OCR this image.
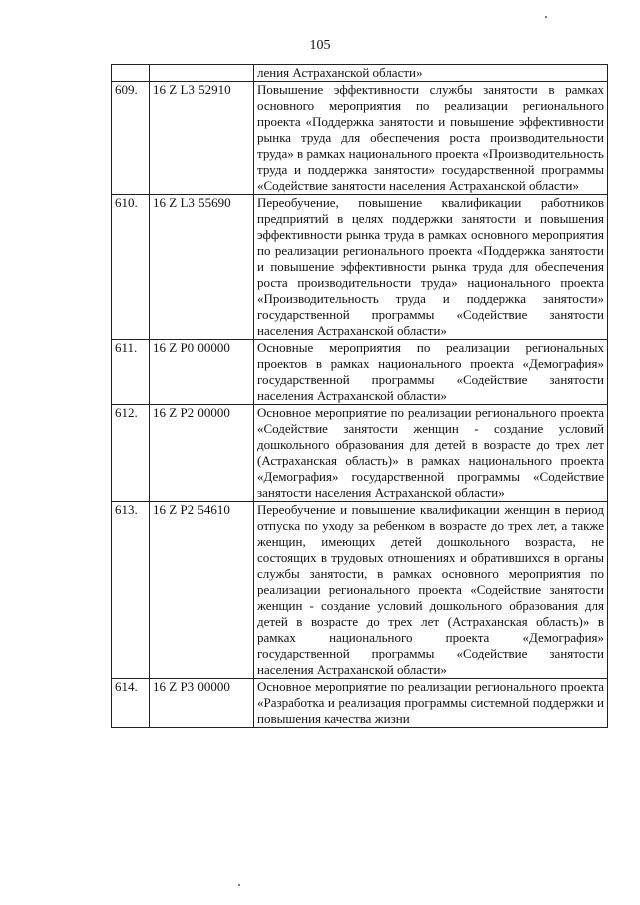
105
		ления Астраханской области»
609.	16 Z L3 52910	Повышение эффективности службы занятости в рамках основного мероприятия по реализации регионального проекта «Поддержка занятости и повышение эффективности рынка труда для обеспечения роста производительности труда» в рамках национального проекта «Производительность труда и поддержка занятости» государственной программы «Содействие занятости населения Астраханской области»
610.	16 Z L3 55690	Переобучение, повышение квалификации работников предприятий в целях поддержки занятости и повышения эффективности рынка труда в рамках основного мероприятия по реализации регионального проекта «Поддержка занятости и повышение эффективности рынка труда для обеспечения роста производительности труда» национального проекта «Производительность труда и поддержка занятости» государственной программы «Содействие занятости населения Астраханской области»
611.	16 Z P0 00000	Основные мероприятия по реализации региональных проектов в рамках национального проекта «Демография» государственной программы «Содействие занятости населения Астраханской области»
612.	16 Z P2 00000	Основное мероприятие по реализации регионального проекта «Содействие занятости женщин - создание условий дошкольного образования для детей в возрасте до трех лет (Астраханская область)» в рамках национального проекта «Демография» государственной программы «Содействие занятости населения Астраханской области»
613.	16 Z P2 54610	Переобучение и повышение квалификации женщин в период отпуска по уходу за ребенком в возрасте до трех лет, а также женщин, имеющих детей дошкольного возраста, не состоящих в трудовых отношениях и обратившихся в органы службы занятости, в рамках основного мероприятия по реализации регионального проекта «Содействие занятости женщин - создание условий дошкольного образования для детей в возрасте до трех лет (Астраханская область)» в рамках национального проекта «Демография» государственной программы «Содействие занятости населения Астраханской области»
614.	16 Z P3 00000	Основное мероприятие по реализации регионального проекта «Разработка и реализация программы системной поддержки и повышения качества жизни
